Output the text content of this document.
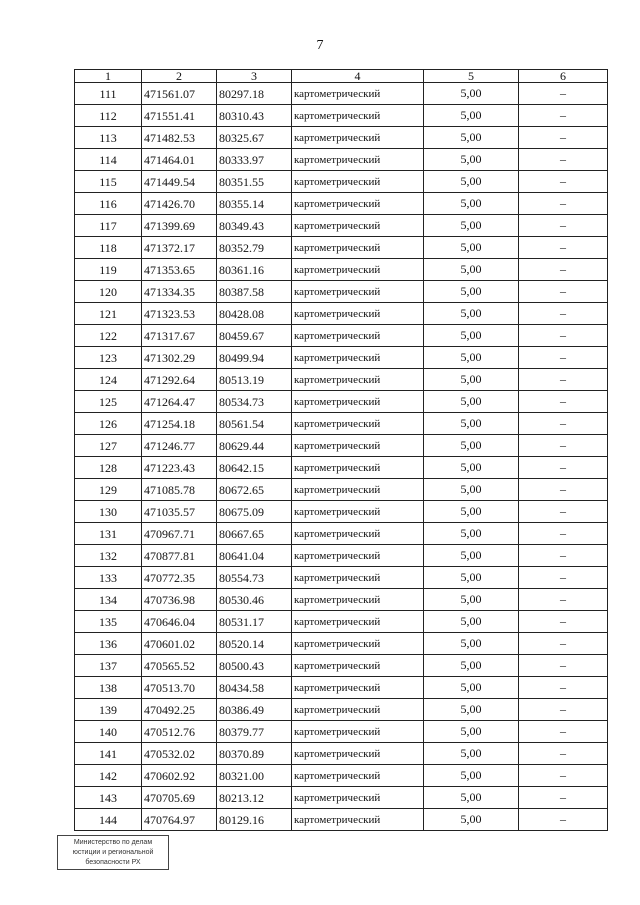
7
1	2	3	4	5	6
111	471561.07	80297.18	картометрический	5,00	–
112	471551.41	80310.43	картометрический	5,00	–
113	471482.53	80325.67	картометрический	5,00	–
114	471464.01	80333.97	картометрический	5,00	–
115	471449.54	80351.55	картометрический	5,00	–
116	471426.70	80355.14	картометрический	5,00	–
117	471399.69	80349.43	картометрический	5,00	–
118	471372.17	80352.79	картометрический	5,00	–
119	471353.65	80361.16	картометрический	5,00	–
120	471334.35	80387.58	картометрический	5,00	–
121	471323.53	80428.08	картометрический	5,00	–
122	471317.67	80459.67	картометрический	5,00	–
123	471302.29	80499.94	картометрический	5,00	–
124	471292.64	80513.19	картометрический	5,00	–
125	471264.47	80534.73	картометрический	5,00	–
126	471254.18	80561.54	картометрический	5,00	–
127	471246.77	80629.44	картометрический	5,00	–
128	471223.43	80642.15	картометрический	5,00	–
129	471085.78	80672.65	картометрический	5,00	–
130	471035.57	80675.09	картометрический	5,00	–
131	470967.71	80667.65	картометрический	5,00	–
132	470877.81	80641.04	картометрический	5,00	–
133	470772.35	80554.73	картометрический	5,00	–
134	470736.98	80530.46	картометрический	5,00	–
135	470646.04	80531.17	картометрический	5,00	–
136	470601.02	80520.14	картометрический	5,00	–
137	470565.52	80500.43	картометрический	5,00	–
138	470513.70	80434.58	картометрический	5,00	–
139	470492.25	80386.49	картометрический	5,00	–
140	470512.76	80379.77	картометрический	5,00	–
141	470532.02	80370.89	картометрический	5,00	–
142	470602.92	80321.00	картометрический	5,00	–
143	470705.69	80213.12	картометрический	5,00	–
144	470764.97	80129.16	картометрический	5,00	–
Министерство по делам
юстиции и региональной
безопасности РХ
